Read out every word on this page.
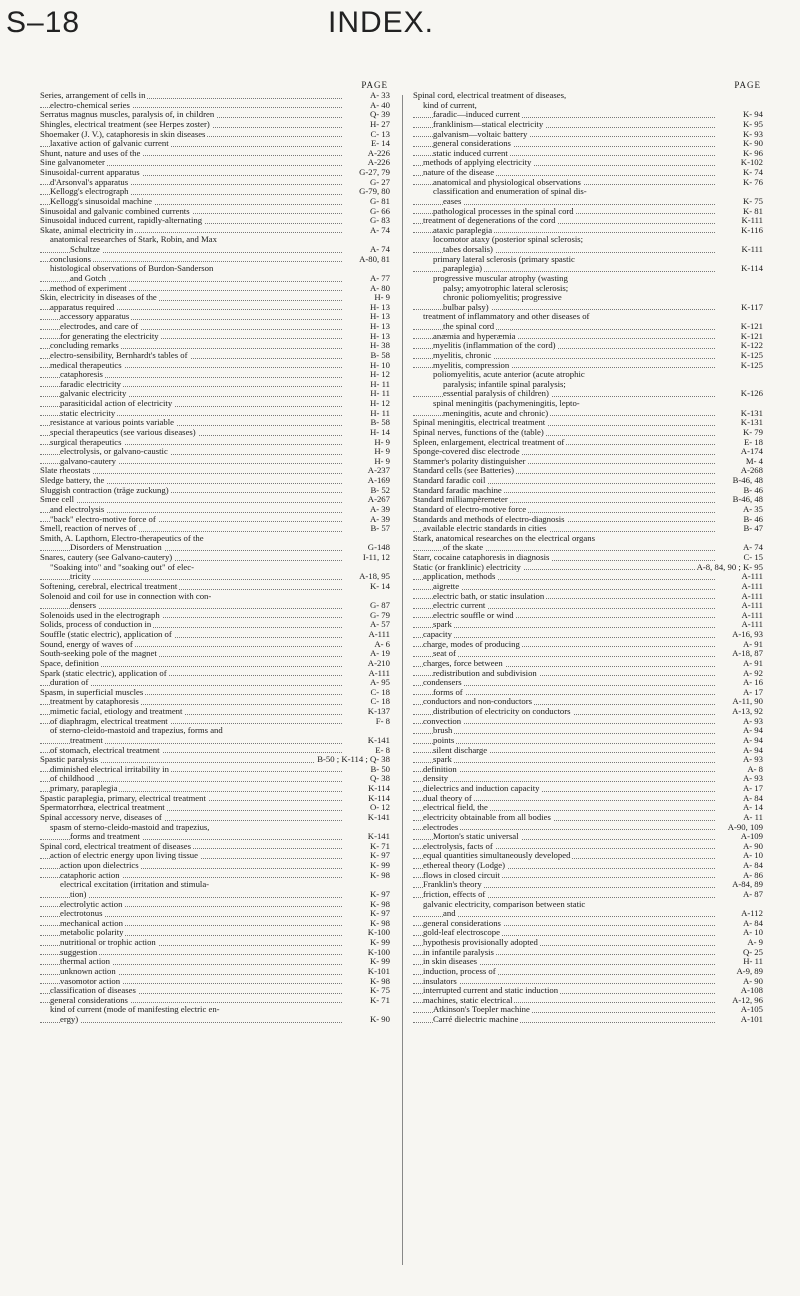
S–18	INDEX.
PAGE
Series, arrangement of cells in	A- 33
electro-chemical series	A- 40
Serratus magnus muscles, paralysis of, in children	Q- 39
Shingles, electrical treatment (see Herpes zoster)	H- 27
Shoemaker (J. V.), cataphoresis in skin diseases	C- 13
laxative action of galvanic current	E- 14
Shunt, nature and uses of the	A-226
Sine galvanometer	A-226
Sinusoidal-current apparatus	G-27, 79
d'Arsonval's apparatus	G- 27
Kellogg's electrograph	G-79, 80
Kellogg's sinusoidal machine	G- 81
Sinusoidal and galvanic combined currents	G- 66
Sinusoidal induced current, rapidly-alternating	G- 83
Skate, animal electricity in	A- 74
anatomical researches of Stark, Robin, and Max
Schultze	A- 74
conclusions	A-80, 81
histological observations of Burdon-Sanderson
and Gotch	A- 77
method of experiment	A- 80
Skin, electricity in diseases of the	H- 9
apparatus required	H- 13
accessory apparatus	H- 13
electrodes, and care of	H- 13
for generating the electricity	H- 13
concluding remarks	H- 38
electro-sensibility, Bernhardt's tables of	B- 58
medical therapeutics	H- 10
cataphoresis	H- 12
faradic electricity	H- 11
galvanic electricity	H- 11
parasiticidal action of electricity	H- 12
static electricity	H- 11
resistance at various points variable	B- 58
special therapeutics (see various diseases)	H- 14
surgical therapeutics	H- 9
electrolysis, or galvano-caustic	H- 9
galvano-cautery	H- 9
Slate rheostats	A-237
Sledge battery, the	A-169
Sluggish contraction (träge zuckung)	B- 52
Smee cell	A-267
and electrolysis	A- 39
"back" electro-motive force of	A- 39
Smell, reaction of nerves of	B- 57
Smith, A. Lapthorn, Electro-therapeutics of the
Disorders of Menstruation	G-148
Snares, cautery (see Galvano-cautery)	I-11, 12
"Soaking into" and "soaking out" of elec-
tricity	A-18, 95
Softening, cerebral, electrical treatment	K- 14
Solenoid and coil for use in connection with con-
densers	G- 87
Solenoids used in the electrograph	G- 79
Solids, process of conduction in	A- 57
Souffle (static electric), application of	A-111
Sound, energy of waves of	A- 6
South-seeking pole of the magnet	A- 19
Space, definition	A-210
Spark (static electric), application of	A-111
duration of	A- 95
Spasm, in superficial muscles	C- 18
treatment by cataphoresis	C- 18
mimetic facial, etiology and treatment	K-137
of diaphragm, electrical treatment	F- 8
of sterno-cleido-mastoid and trapezius, forms and
treatment	K-141
of stomach, electrical treatment	E- 8
Spastic paralysis	B-50 ; K-114 ; Q- 38
diminished electrical irritability in	B- 50
of childhood	Q- 38
primary, paraplegia	K-114
Spastic paraplegia, primary, electrical treatment	K-114
Spermatorrhœa, electrical treatment	O- 12
Spinal accessory nerve, diseases of	K-141
spasm of sterno-cleido-mastoid and trapezius,
forms and treatment	K-141
Spinal cord, electrical treatment of diseases	K- 71
action of electric energy upon living tissue	K- 97
action upon dielectrics	K- 99
cataphoric action	K- 98
electrical excitation (irritation and stimula-
tion)	K- 97
electrolytic action	K- 98
electrotonus	K- 97
mechanical action	K- 98
metabolic polarity	K-100
nutritional or trophic action	K- 99
suggestion	K-100
thermal action	K- 99
unknown action	K-101
vasomotor action	K- 98
classification of diseases	K- 75
general considerations	K- 71
kind of current (mode of manifesting electric en-
ergy)	K- 90
PAGE
Spinal cord, electrical treatment of diseases,
kind of current,
faradic—induced current	K- 94
franklinism—statical electricity	K- 95
galvanism—voltaic battery	K- 93
general considerations	K- 90
static induced current	K- 96
methods of applying electricity	K-102
nature of the disease	K- 74
anatomical and physiological observations	K- 76
classification and enumeration of spinal dis-
eases	K- 75
pathological processes in the spinal cord	K- 81
treatment of degenerations of the cord	K-111
ataxic paraplegia	K-116
locomotor ataxy (posterior spinal sclerosis;
tabes dorsalis)	K-111
primary lateral sclerosis (primary spastic
paraplegia)	K-114
progressive muscular atrophy (wasting
palsy; amyotrophic lateral sclerosis;
chronic poliomyelitis; progressive
bulbar palsy)	K-117
treatment of inflammatory and other diseases of
the spinal cord	K-121
anæmia and hyperæmia	K-121
myelitis (inflammation of the cord)	K-122
myelitis, chronic	K-125
myelitis, compression	K-125
poliomyelitis, acute anterior (acute atrophic
paralysis; infantile spinal paralysis;
essential paralysis of children)	K-126
spinal meningitis (pachymeningitis, lepto-
meningitis, acute and chronic)	K-131
Spinal meningitis, electrical treatment	K-131
Spinal nerves, functions of the (table)	K- 79
Spleen, enlargement, electrical treatment of	E- 18
Sponge-covered disc electrode	A-174
Stammer's polarity distinguisher	M- 4
Standard cells (see Batteries)	A-268
Standard faradic coil	B-46, 48
Standard faradic machine	B- 46
Standard milliampèremeter	B-46, 48
Standard of electro-motive force	A- 35
Standards and methods of electro-diagnosis	B- 46
available electric standards in cities	B- 47
Stark, anatomical researches on the electrical organs
of the skate	A- 74
Starr, cocaine cataphoresis in diagnosis	C- 15
Static (or franklinic) electricity	A-8, 84, 90 ; K- 95
application, methods	A-111
aigrette	A-111
electric bath, or static insulation	A-111
electric current	A-111
electric souffle or wind	A-111
spark	A-111
capacity	A-16, 93
charge, modes of producing	A- 91
seat of	A-18, 87
charges, force between	A- 91
redistribution and subdivision	A- 92
condensers	A- 16
forms of	A- 17
conductors and non-conductors	A-11, 90
distribution of electricity on conductors	A-13, 92
convection	A- 93
brush	A- 94
points	A- 94
silent discharge	A- 94
spark	A- 93
definition	A- 8
density	A- 93
dielectrics and induction capacity	A- 17
dual theory of	A- 84
electrical field, the	A- 14
electricity obtainable from all bodies	A- 11
electrodes	A-90, 109
Morton's static universal	A-109
electrolysis, facts of	A- 90
equal quantities simultaneously developed	A- 10
ethereal theory (Lodge)	A- 84
flows in closed circuit	A- 86
Franklin's theory	A-84, 89
friction, effects of	A- 87
galvanic electricity, comparison between static
and	A-112
general considerations	A- 84
gold-leaf electroscope	A- 10
hypothesis provisionally adopted	A- 9
in infantile paralysis	Q- 25
in skin diseases	H- 11
induction, process of	A-9, 89
insulators	A- 90
interrupted current and static induction	A-108
machines, static electrical	A-12, 96
Atkinson's Toepler machine	A-105
Carré dielectric machine	A-101
